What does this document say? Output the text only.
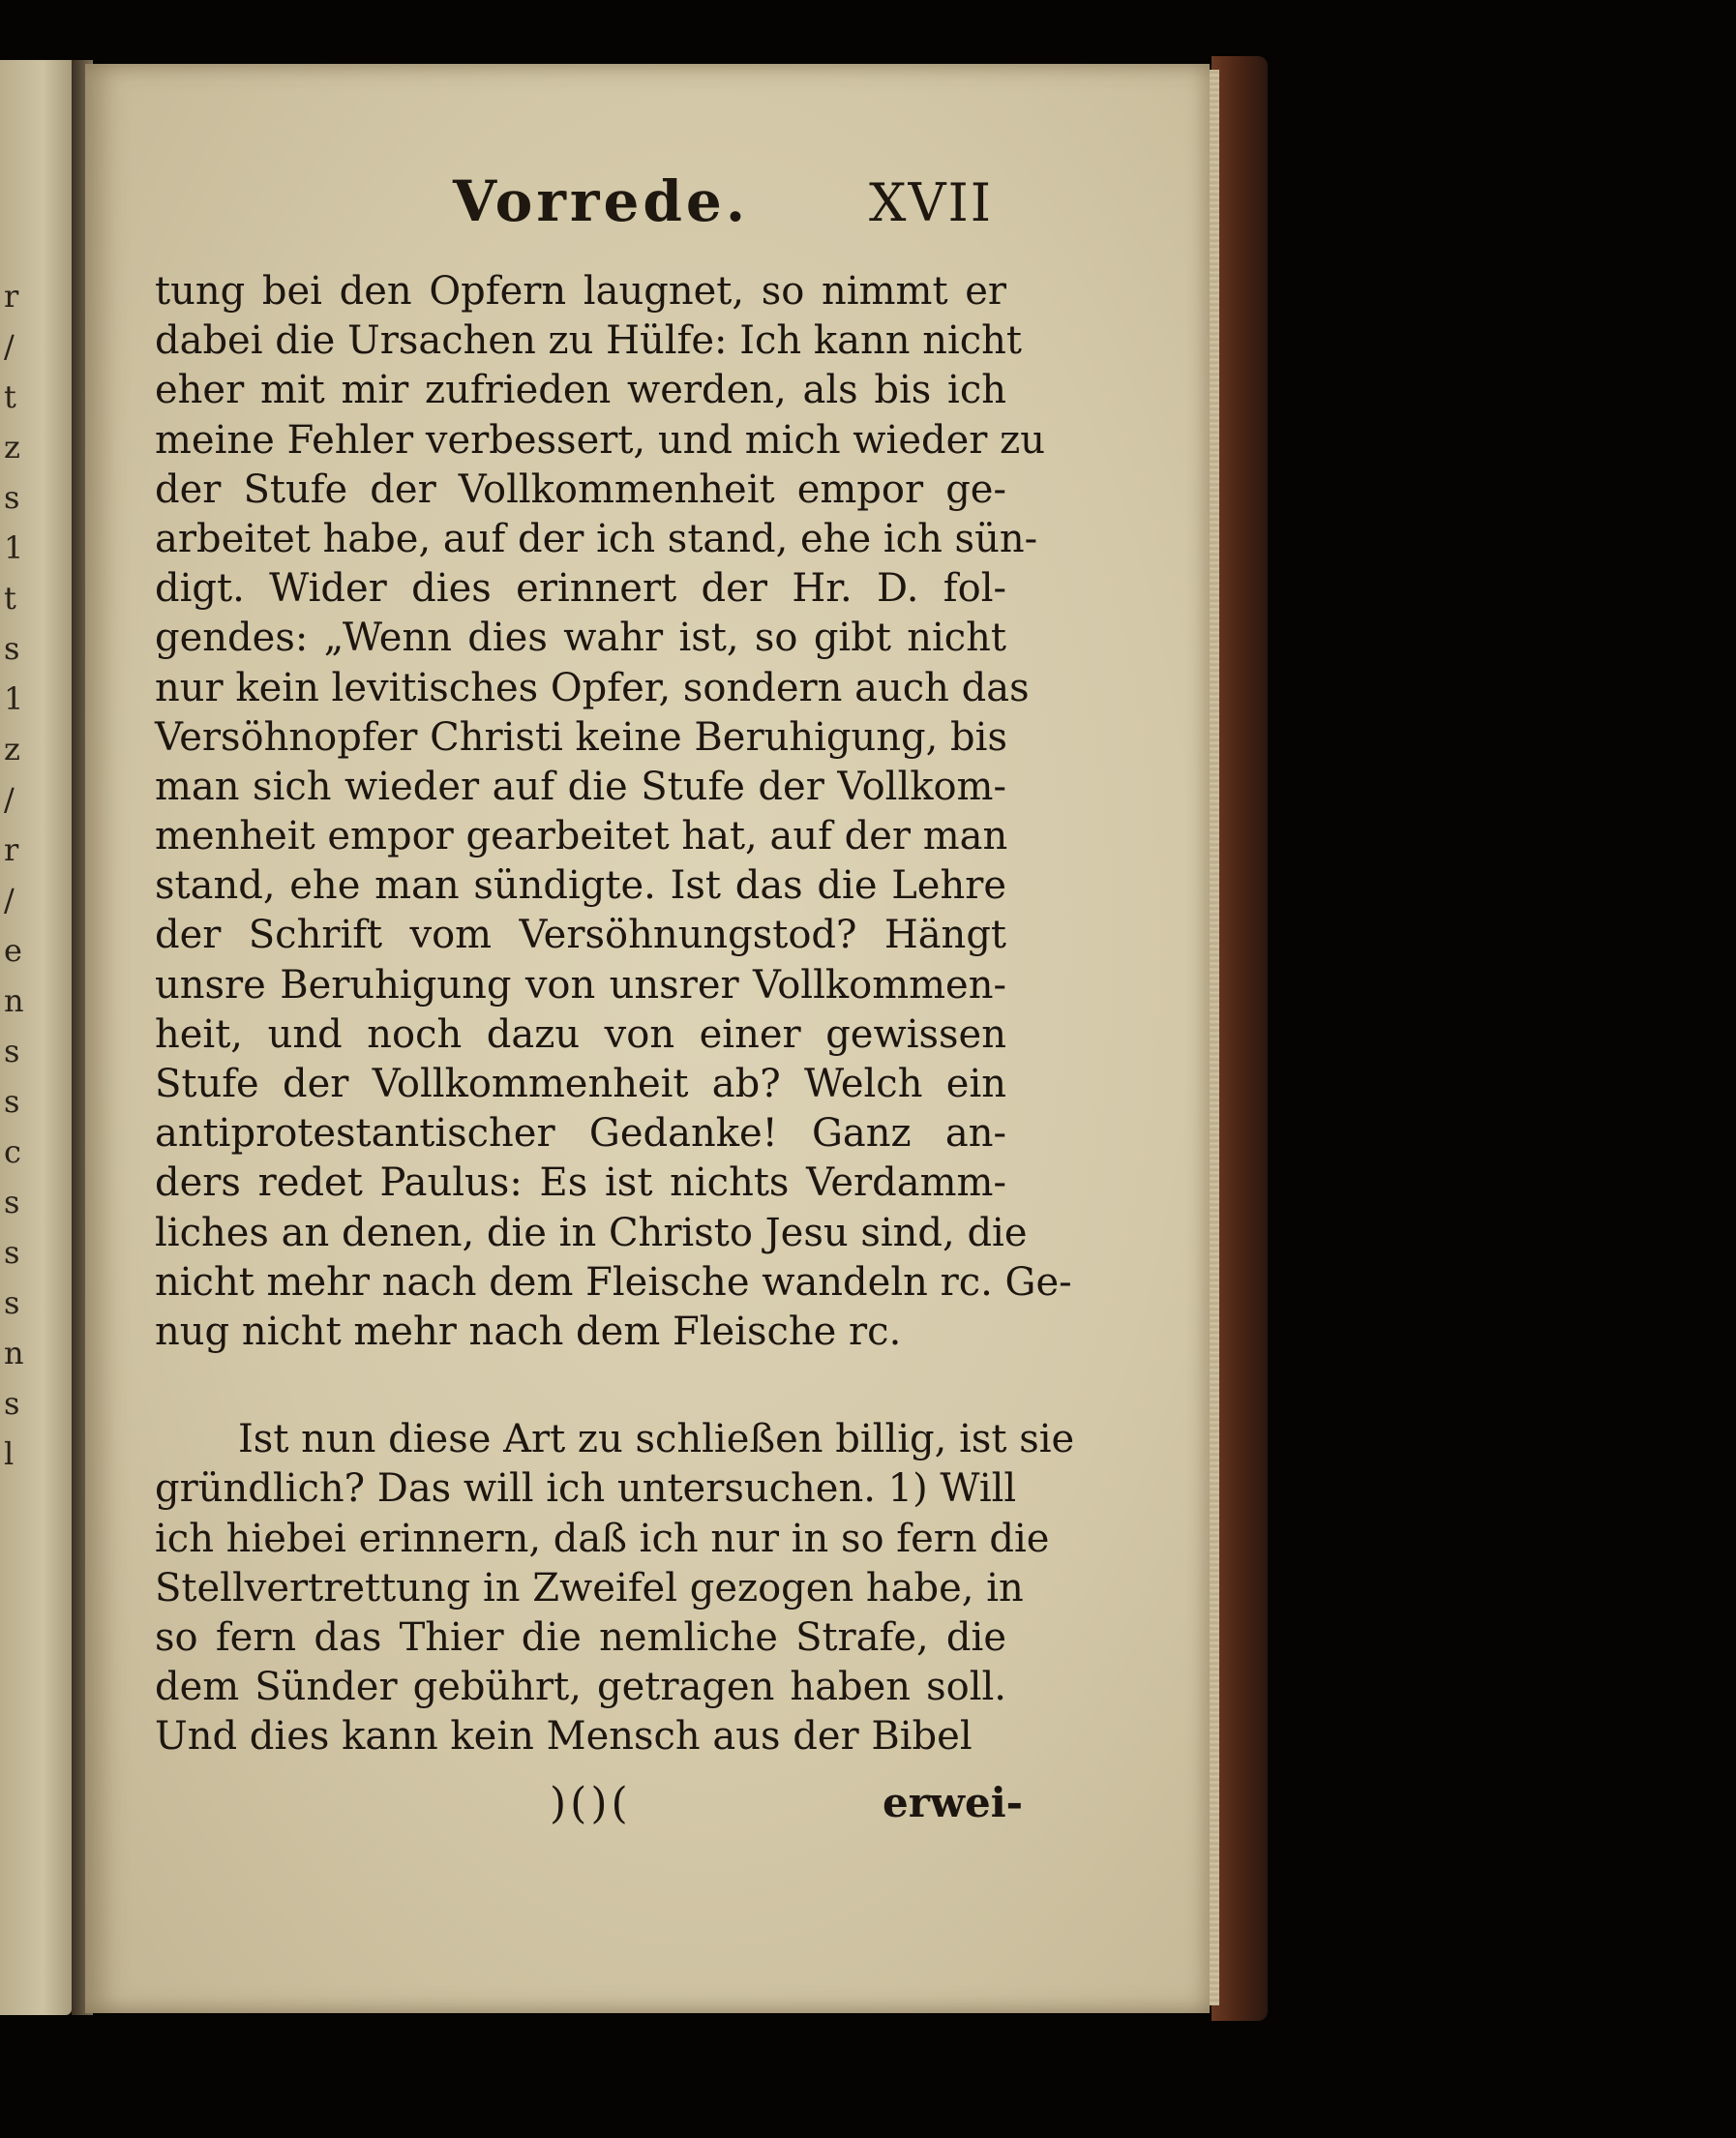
r
/
t
z
s
1
t
s
1
z
/
r
/
e
n
s
s
c
s
s
s
n
s
l
Vorrede. XVII
tung bei den Opfern laugnet, so nimmt er
dabei die Ursachen zu Hülfe: Ich kann nicht
eher mit mir zufrieden werden, als bis ich
meine Fehler verbessert, und mich wieder zu
der Stufe der Vollkommenheit empor ge-
arbeitet habe, auf der ich stand, ehe ich sün-
digt. Wider dies erinnert der Hr. D. fol-
gendes: „Wenn dies wahr ist, so gibt nicht
nur kein levitisches Opfer, sondern auch das
Versöhnopfer Christi keine Beruhigung, bis
man sich wieder auf die Stufe der Vollkom-
menheit empor gearbeitet hat, auf der man
stand, ehe man sündigte. Ist das die Lehre
der Schrift vom Versöhnungstod? Hängt
unsre Beruhigung von unsrer Vollkommen-
heit, und noch dazu von einer gewissen
Stufe der Vollkommenheit ab? Welch ein
antiprotestantischer Gedanke! Ganz an-
ders redet Paulus: Es ist nichts Verdamm-
liches an denen, die in Christo Jesu sind, die
nicht mehr nach dem Fleische wandeln rc. Ge-
nug nicht mehr nach dem Fleische rc.
Ist nun diese Art zu schließen billig, ist sie
gründlich? Das will ich untersuchen. 1) Will
ich hiebei erinnern, daß ich nur in so fern die
Stellvertrettung in Zweifel gezogen habe, in
so fern das Thier die nemliche Strafe, die
dem Sünder gebührt, getragen haben soll.
Und dies kann kein Mensch aus der Bibel
)()(	erwei-
